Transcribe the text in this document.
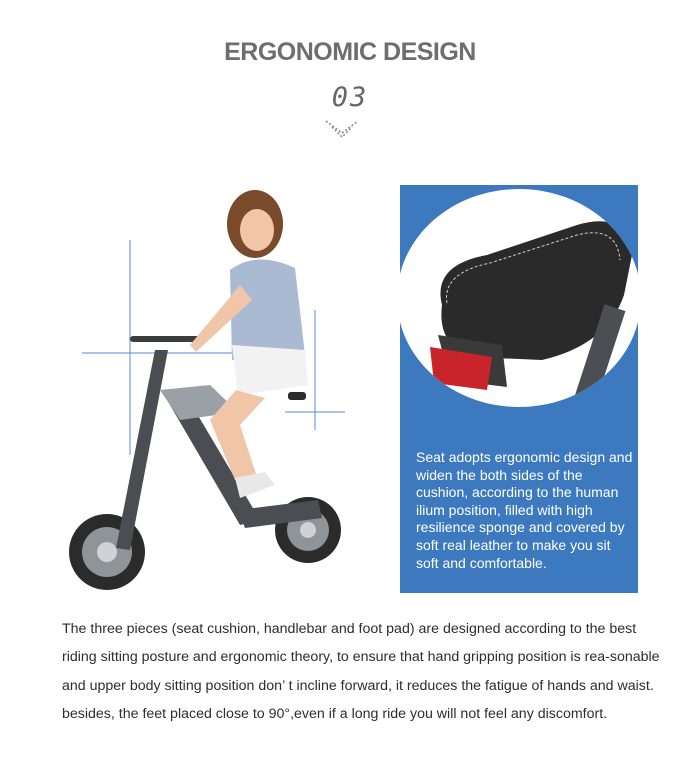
ERGONOMIC DESIGN
03
Seat adopts ergonomic design and widen the both sides of the cushion, according to the human ilium position, filled with high resilience sponge and covered by soft real leather to make you sit soft and comfortable.
The three pieces (seat cushion, handlebar and foot pad) are designed according to the best riding sitting posture and ergonomic theory, to ensure that hand gripping position is rea-sonable and upper body sitting position don’ t incline forward, it reduces the fatigue of hands and waist. besides, the feet placed close to 90°,even if a long ride you will not feel any discomfort.
